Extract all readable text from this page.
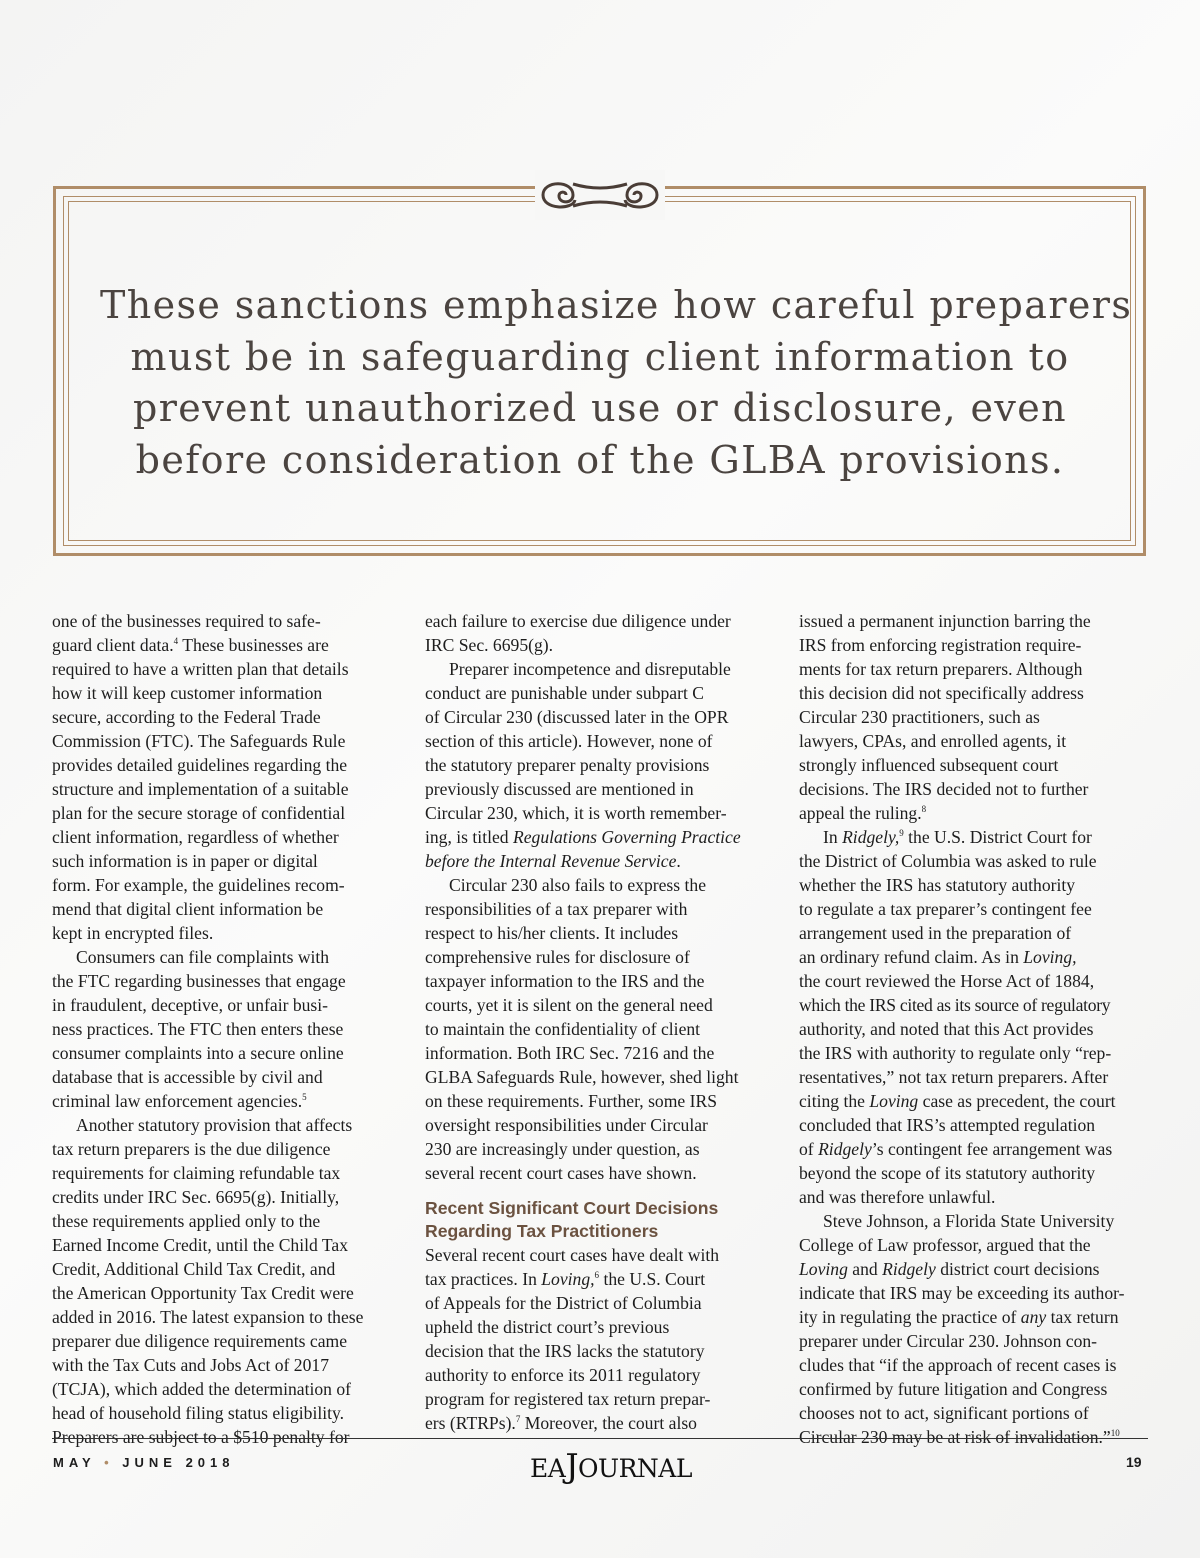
These sanctions emphasize how careful preparers
must be in safeguarding client information to
prevent unauthorized use or disclosure, even
before consideration of the GLBA provisions.

one of the businesses required to safe-
guard client data.$^4$ These businesses are
required to have a written plan that details
how it will keep customer information
secure, according to the Federal Trade
Commission (FTC). The Safeguards Rule
provides detailed guidelines regarding the
structure and implementation of a suitable
plan for the secure storage of confidential
client information, regardless of whether
such information is in paper or digital
form. For example, the guidelines recom-
mend that digital client information be
kept in encrypted files.

Consumers can file complaints with
the FTC regarding businesses that engage
in fraudulent, deceptive, or unfair busi-
ness practices. The FTC then enters these
consumer complaints into a secure online
database that is accessible by civil and
criminal law enforcement agencies.$^5$

Another statutory provision that affects
tax return preparers is the due diligence
requirements for claiming refundable tax
credits under IRC Sec. 6695(g). Initially,
these requirements applied only to the
Earned Income Credit, until the Child Tax
Credit, Additional Child Tax Credit, and
the American Opportunity Tax Credit were
added in 2016. The latest expansion to these
preparer due diligence requirements came
with the Tax Cuts and Jobs Act of 2017
(TCJA), which added the determination of
head of household filing status eligibility.
Preparers are subject to a $510 penalty for

each failure to exercise due diligence under
IRC Sec. 6695(g).

Preparer incompetence and disreputable
conduct are punishable under subpart C
of Circular 230 (discussed later in the OPR
section of this article). However, none of
the statutory preparer penalty provisions
previously discussed are mentioned in
Circular 230, which, it is worth remember-
ing, is titled Regulations Governing Practice
before the Internal Revenue Service.

Circular 230 also fails to express the
responsibilities of a tax preparer with
respect to his/her clients. It includes
comprehensive rules for disclosure of
taxpayer information to the IRS and the
courts, yet it is silent on the general need
to maintain the confidentiality of client
information. Both IRC Sec. 7216 and the
GLBA Safeguards Rule, however, shed light
on these requirements. Further, some IRS
oversight responsibilities under Circular
230 are increasingly under question, as
several recent court cases have shown.

Recent Significant Court Decisions
Regarding Tax Practitioners

Several recent court cases have dealt with
tax practices. In Loving,$^6$ the U.S. Court
of Appeals for the District of Columbia
upheld the district court’s previous
decision that the IRS lacks the statutory
authority to enforce its 2011 regulatory
program for registered tax return prepar-
ers (RTRPs).$^7$ Moreover, the court also

issued a permanent injunction barring the
IRS from enforcing registration require-
ments for tax return preparers. Although
this decision did not specifically address
Circular 230 practitioners, such as
lawyers, CPAs, and enrolled agents, it
strongly influenced subsequent court
decisions. The IRS decided not to further
appeal the ruling.$^8$

In Ridgely,$^9$ the U.S. District Court for
the District of Columbia was asked to rule
whether the IRS has statutory authority
to regulate a tax preparer’s contingent fee
arrangement used in the preparation of
an ordinary refund claim. As in Loving,
the court reviewed the Horse Act of 1884,
which the IRS cited as its source of regulatory
authority, and noted that this Act provides
the IRS with authority to regulate only “rep-
resentatives,” not tax return preparers. After
citing the Loving case as precedent, the court
concluded that IRS’s attempted regulation
of Ridgely’s contingent fee arrangement was
beyond the scope of its statutory authority
and was therefore unlawful.

Steve Johnson, a Florida State University
College of Law professor, argued that the
Loving and Ridgely district court decisions
indicate that IRS may be exceeding its author-
ity in regulating the practice of any tax return
preparer under Circular 230. Johnson con-
cludes that “if the approach of recent cases is
confirmed by future litigation and Congress
chooses not to act, significant portions of
Circular 230 may be at risk of invalidation.”$^{10}$

MAY • JUNE 2018	EAJOURNAL	19
